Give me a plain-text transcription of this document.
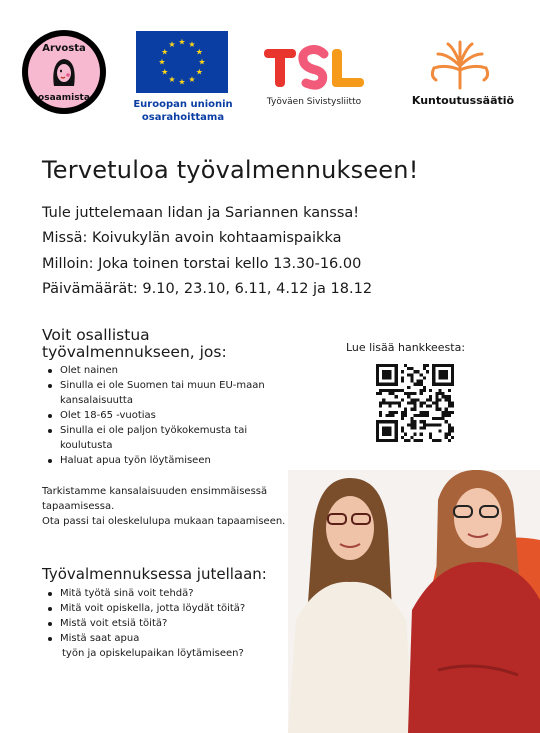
Arvosta
osaamista
★ ★
★
★
★
★
★
★
★
★
★
★
Euroopan unionin
osarahoittama
Työväen Sivistysliitto	Kuntoutussäätiö
Tervetuloa työvalmennukseen!
Tule juttelemaan lidan ja Sariannen kanssa!
Missä: Koivukylän avoin kohtaamispaikka
Milloin: Joka toinen torstai kello 13.30-16.00
Päivämäärät: 9.10, 23.10, 6.11, 4.12 ja 18.12
Voit osallistua
työvalmennukseen, jos:
Olet nainen
Sinulla ei ole Suomen tai muun EU-maan
kansalaisuutta
Olet 18-65 -vuotias
Sinulla ei ole paljon työkokemusta tai
koulutusta
Haluat apua työn löytämiseen
Tarkistamme kansalaisuuden ensimmäisessä
tapaamisessa.
Ota passi tai oleskelulupa mukaan tapaamiseen.
Työvalmennuksessa jutellaan:
Mitä työtä sinä voit tehdä?
Mitä voit opiskella, jotta löydät töitä?
Mistä voit etsiä töitä?
Mistä saat apua
työn ja opiskelupaikan löytämiseen?
Lue lisää hankkeesta:
